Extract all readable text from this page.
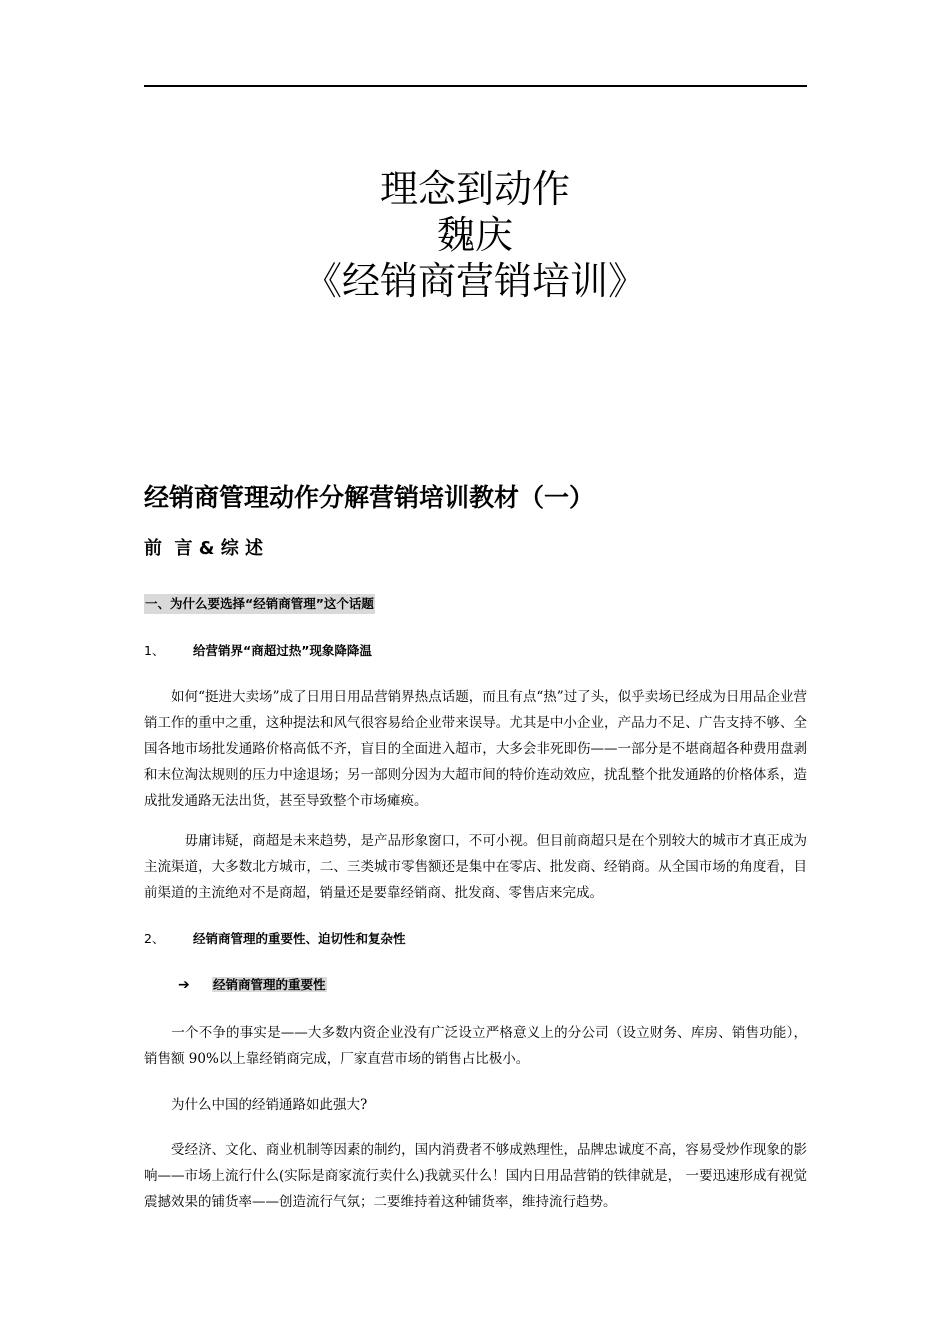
理念到动作
魏庆
《经销商营销培训》
经销商管理动作分解营销培训教材（一）
前  言 & 综 述
一、为什么要选择“经销商管理”这个话题
1、 给营销界“商超过热”现象降降温

　　如何“挺进大卖场”成了日用日用品营销界热点话题，而且有点“热”过了头，似乎卖场已经成为日用品企业营销工作的重中之重，这种提法和风气很容易给企业带来误导。尤其是中小企业，产品力不足、广告支持不够、全国各地市场批发通路价格高低不齐，盲目的全面进入超市，大多会非死即伤——一部分是不堪商超各种费用盘剥和末位淘汰规则的压力中途退场；另一部则分因为大超市间的特价连动效应，扰乱整个批发通路的价格体系，造成批发通路无法出货，甚至导致整个市场瘫痪。

　　　毋庸讳疑，商超是未来趋势，是产品形象窗口，不可小视。但目前商超只是在个别较大的城市才真正成为主流渠道，大多数北方城市，二、三类城市零售额还是集中在零店、批发商、经销商。从全国市场的角度看，目前渠道的主流绝对不是商超，销量还是要靠经销商、批发商、零售店来完成。

2、 经销商管理的重要性、迫切性和复杂性
➔ 经销商管理的重要性

　　一个不争的事实是——大多数内资企业没有广泛设立严格意义上的分公司（设立财务、库房、销售功能），销售额 90%以上靠经销商完成，厂家直营市场的销售占比极小。

　　为什么中国的经销通路如此强大?

　　受经济、文化、商业机制等因素的制约，国内消费者不够成熟理性，品牌忠诚度不高，容易受炒作现象的影响——市场上流行什么(实际是商家流行卖什么)我就买什么！国内日用品营销的铁律就是， 一要迅速形成有视觉震撼效果的铺货率——创造流行气氛；二要维持着这种铺货率，维持流行趋势。
